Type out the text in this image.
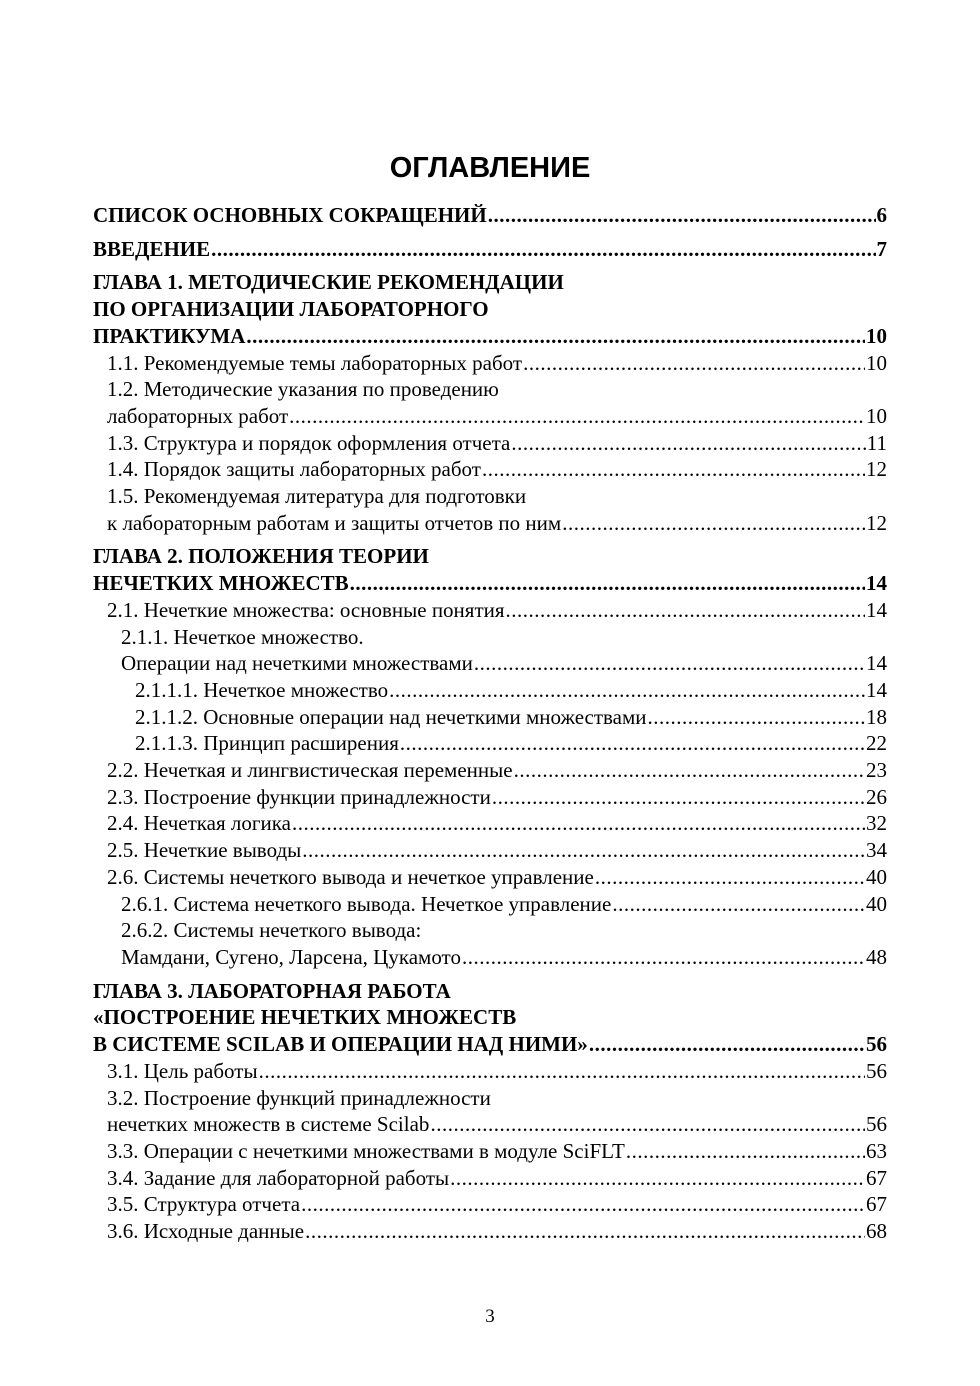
ОГЛАВЛЕНИЕ
СПИСОК ОСНОВНЫХ СОКРАЩЕНИЙ .....	6
ВВЕДЕНИЕ .....	7
ГЛАВА 1. МЕТОДИЧЕСКИЕ РЕКОМЕНДАЦИИ
ПО ОРГАНИЗАЦИИ ЛАБОРАТОРНОГО
ПРАКТИКУМА .....	10
1.1. Рекомендуемые темы лабораторных работ .....	10
1.2. Методические указания по проведению
лабораторных работ .....	10
1.3. Структура и порядок оформления отчета .....	11
1.4. Порядок защиты лабораторных работ .....	12
1.5. Рекомендуемая литература для подготовки
к лабораторным работам и защиты отчетов по ним .....	12
ГЛАВА 2. ПОЛОЖЕНИЯ ТЕОРИИ
НЕЧЕТКИХ МНОЖЕСТВ .....	14
2.1. Нечеткие множества: основные понятия .....	14
2.1.1. Нечеткое множество.
Операции над нечеткими множествами .....	14
2.1.1.1. Нечеткое множество .....	14
2.1.1.2. Основные операции над нечеткими множествами .....	18
2.1.1.3. Принцип расширения .....	22
2.2. Нечеткая и лингвистическая переменные .....	23
2.3. Построение функции принадлежности .....	26
2.4. Нечеткая логика .....	32
2.5. Нечеткие выводы .....	34
2.6. Системы нечеткого вывода и нечеткое управление .....	40
2.6.1. Система нечеткого вывода. Нечеткое управление .....	40
2.6.2. Системы нечеткого вывода:
Мамдани, Сугено, Ларсена, Цукамото .....	48
ГЛАВА 3. ЛАБОРАТОРНАЯ РАБОТА
«ПОСТРОЕНИЕ НЕЧЕТКИХ МНОЖЕСТВ
В СИСТЕМЕ SCILAB И ОПЕРАЦИИ НАД НИМИ» .....	56
3.1. Цель работы .....	56
3.2. Построение функций принадлежности
нечетких множеств в системе Scilab .....	56
3.3. Операции с нечеткими множествами в модуле SciFLT .....	63
3.4. Задание для лабораторной работы .....	67
3.5. Структура отчета .....	67
3.6. Исходные данные .....	68
3
